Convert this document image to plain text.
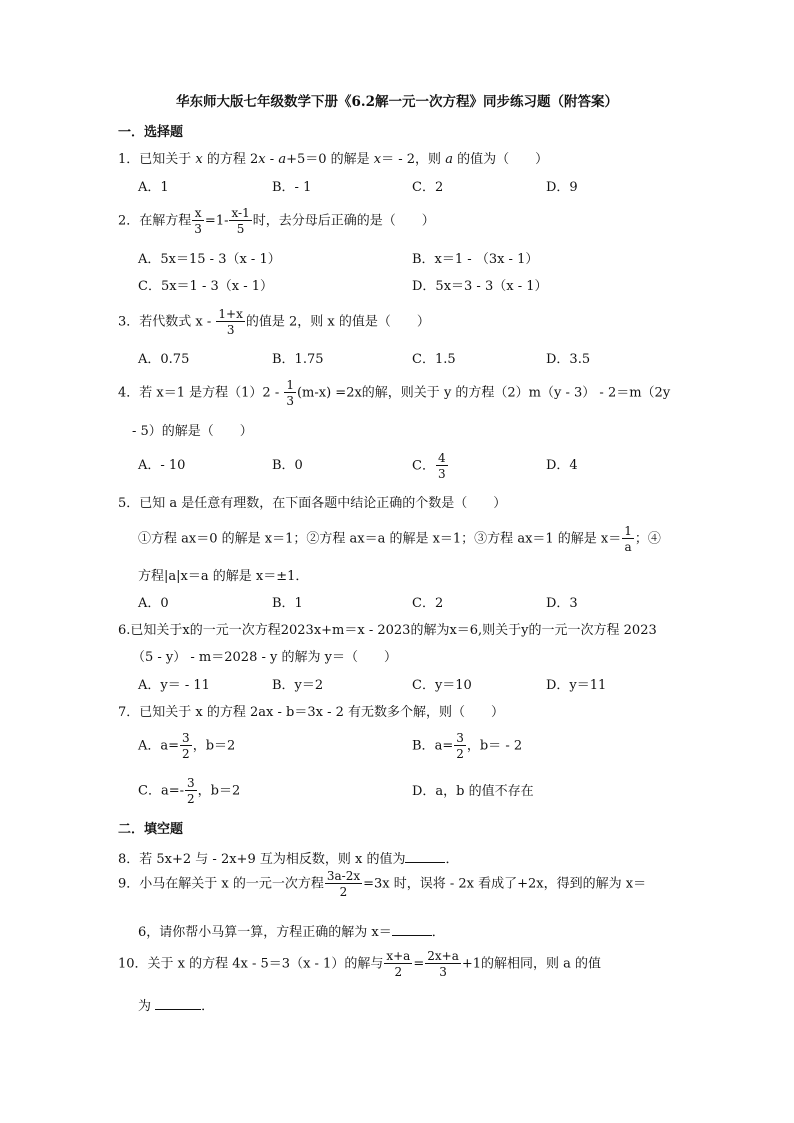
华东师大版七年级数学下册《6.2解一元一次方程》同步练习题（附答案）
一．选择题
1．已知关于 x 的方程 2x - a+5＝0 的解是 x＝ - 2，则 a 的值为（　　）
A．1	B．- 1	C．2	D．9
2．在解方程 $\frac{x}{3} =1- \frac{x-1}{5}$ 时，去分母后正确的是（　　）
A．5x＝15 - 3（x - 1）	B．x＝1 - （3x - 1）
C．5x＝1 - 3（x - 1）	D．5x＝3 - 3（x - 1）
3．若代数式 x - $\frac{1+x}{3}$ 的值是 2，则 x 的值是（　　）
A．0.75	B．1.75	C．1.5	D．3.5
4．若 x＝1 是方程$(1)2 - \frac{1}{3} (m-x) =2x$的解，则关于 y 的方程（2）m（y - 3） - 2＝m（2y
- 5）的解是（　　）
A．- 10	B．0	C． $\frac{4}{3}$	D．4
5．已知 a 是任意有理数，在下面各题中结论正确的个数是（　　）
①方程 ax＝0 的解是 x＝1；②方程 ax＝a 的解是 x＝1；③方程 ax＝1 的解是 $x= \frac{1}{a}$ ；④
方程|a|x＝a 的解是 x＝±1．
A．0	B．1	C．2	D．3
6.已知关于x的一元一次方程2023x+m＝x - 2023的解为x＝6,则关于y的一元一次方程 2023
（5 - y） - m＝2028 - y 的解为 y＝（　　）
A．y＝ - 11	B．y＝2	C．y＝10	D．y＝11
7．已知关于 x 的方程 2ax - b＝3x - 2 有无数多个解，则（　　）
A．$a= \frac{3}{2}$ ，b＝2	B．$a= \frac{3}{2}$ ，b＝ - 2
C．$a=- \frac{3}{2}$ ，b＝2	D．a，b 的值不存在
二．填空题
8．若 5x+2 与 - 2x+9 互为相反数，则 x 的值为	．
9．小马在解关于 x 的一元一次方程 $\frac{3a-2x}{2} =3x$ 时，误将 - 2x 看成了+2x，得到的解为 x＝
6，请你帮小马算一算，方程正确的解为 x＝	．
10．关于 x 的方程 4x - 5＝3（x - 1）的解与 $\frac{x+a}{2} = \frac{2x+a}{3} +1$的解相同，则 a 的值
为	．
